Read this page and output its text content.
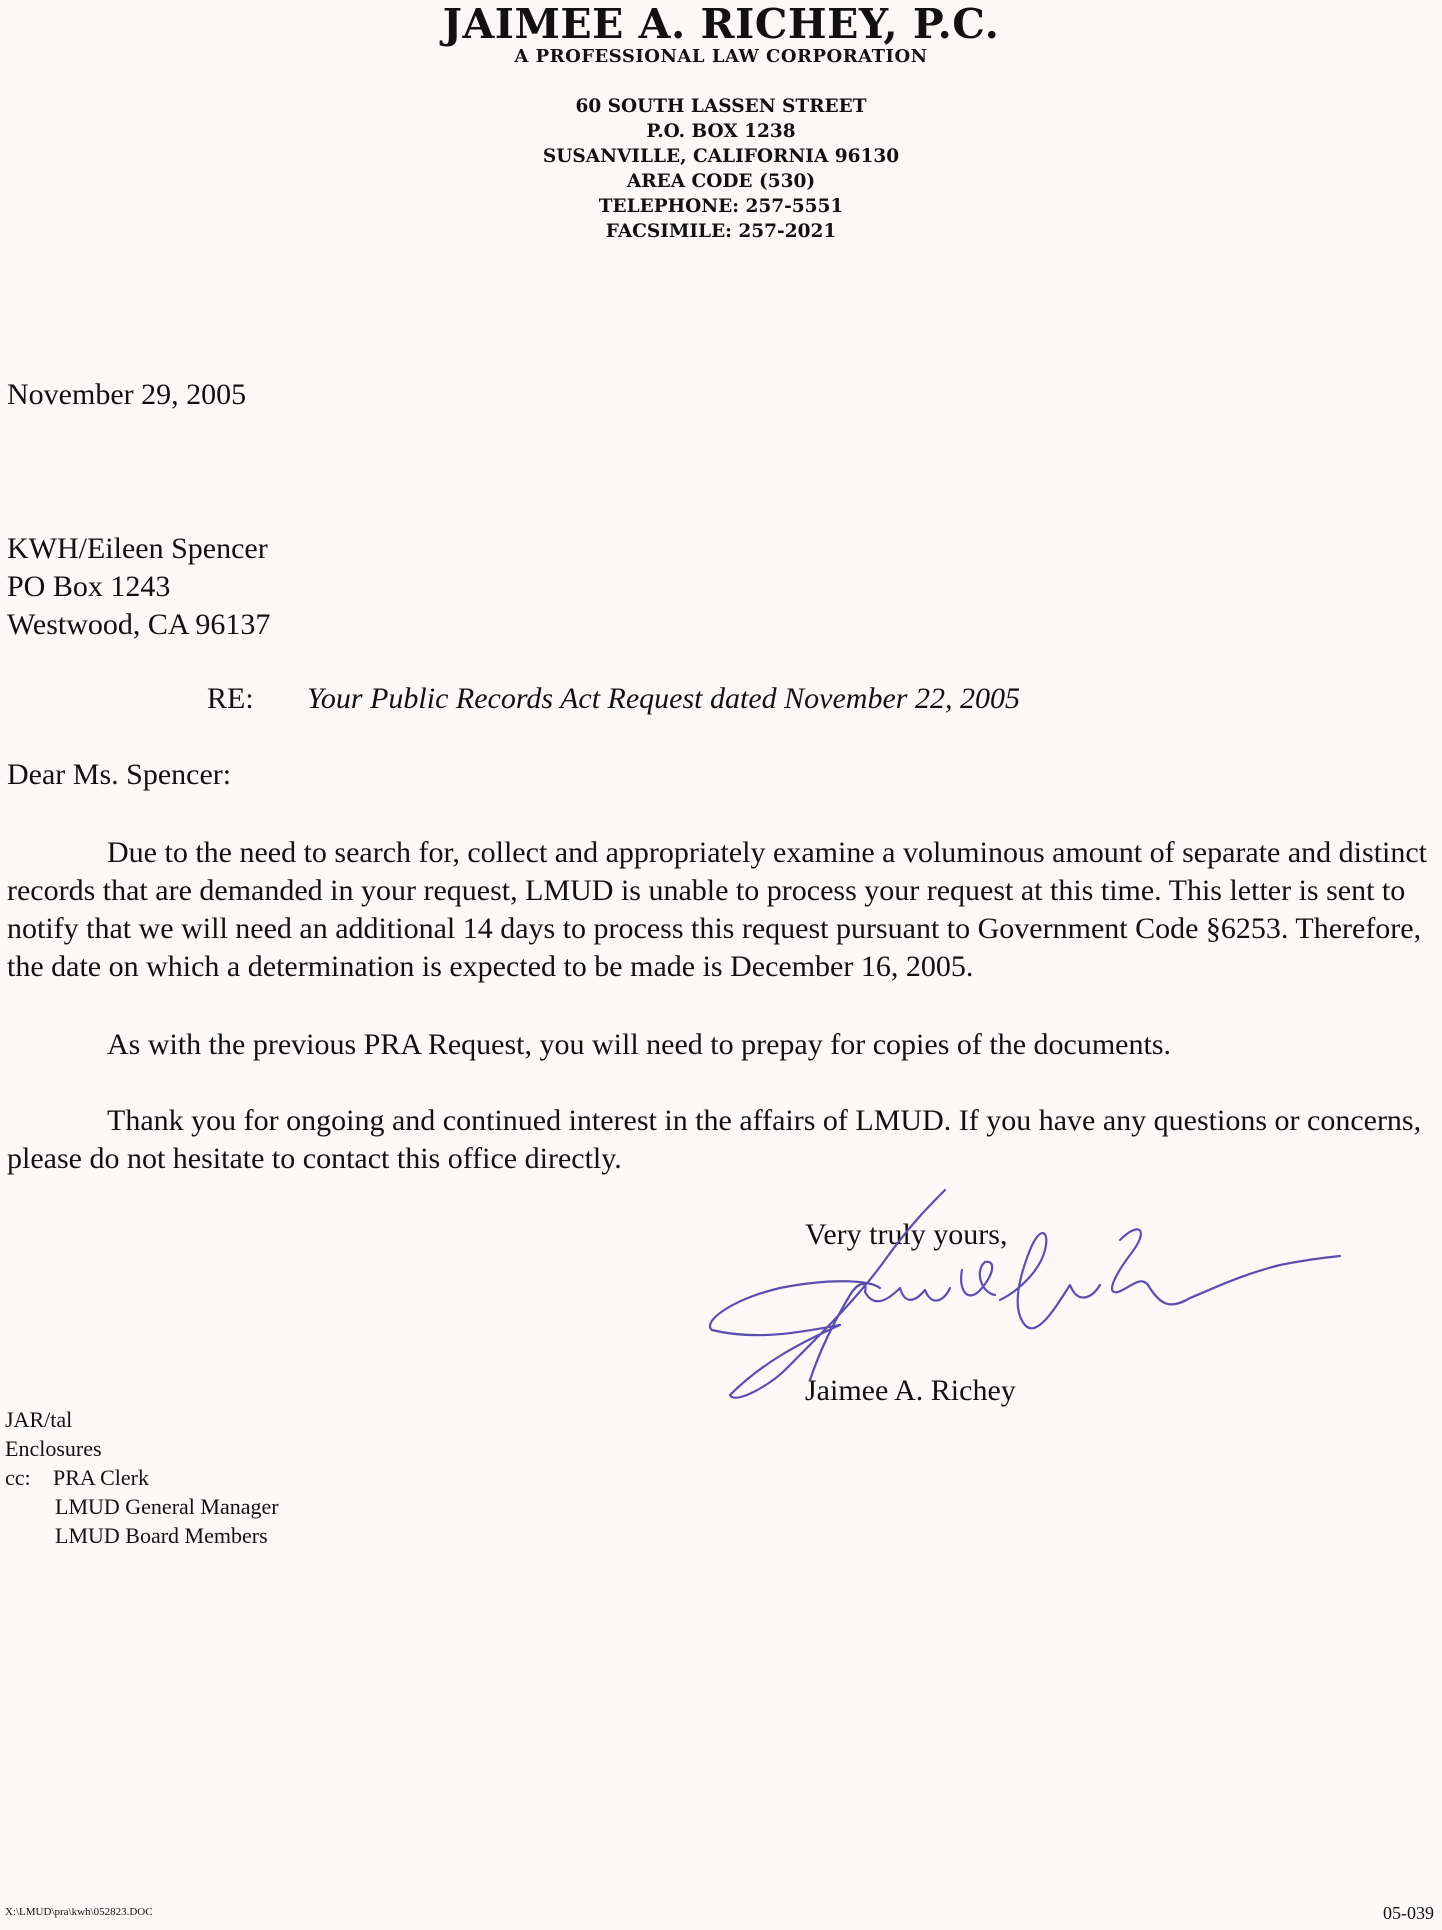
JAIMEE A. RICHEY, P.C.
A PROFESSIONAL LAW CORPORATION
60 SOUTH LASSEN STREET
P.O. BOX 1238
SUSANVILLE, CALIFORNIA 96130
AREA CODE (530)
TELEPHONE: 257-5551
FACSIMILE: 257-2021
November 29, 2005
KWH/Eileen Spencer
PO Box 1243
Westwood, CA 96137
RE: Your Public Records Act Request dated November 22, 2005
Dear Ms. Spencer:
Due to the need to search for, collect and appropriately examine a voluminous amount of separate and distinct records that are demanded in your request, LMUD is unable to process your request at this time. This letter is sent to notify that we will need an additional 14 days to process this request pursuant to Government Code §6253. Therefore, the date on which a determination is expected to be made is December 16, 2005.
As with the previous PRA Request, you will need to prepay for copies of the documents.
Thank you for ongoing and continued interest in the affairs of LMUD. If you have any questions or concerns, please do not hesitate to contact this office directly.
Very truly yours,
Jaimee A. Richey
JAR/tal
Enclosures
cc: PRA Clerk
LMUD General Manager
LMUD Board Members
X:\LMUD\pra\kwh\052823.DOC	05-039
